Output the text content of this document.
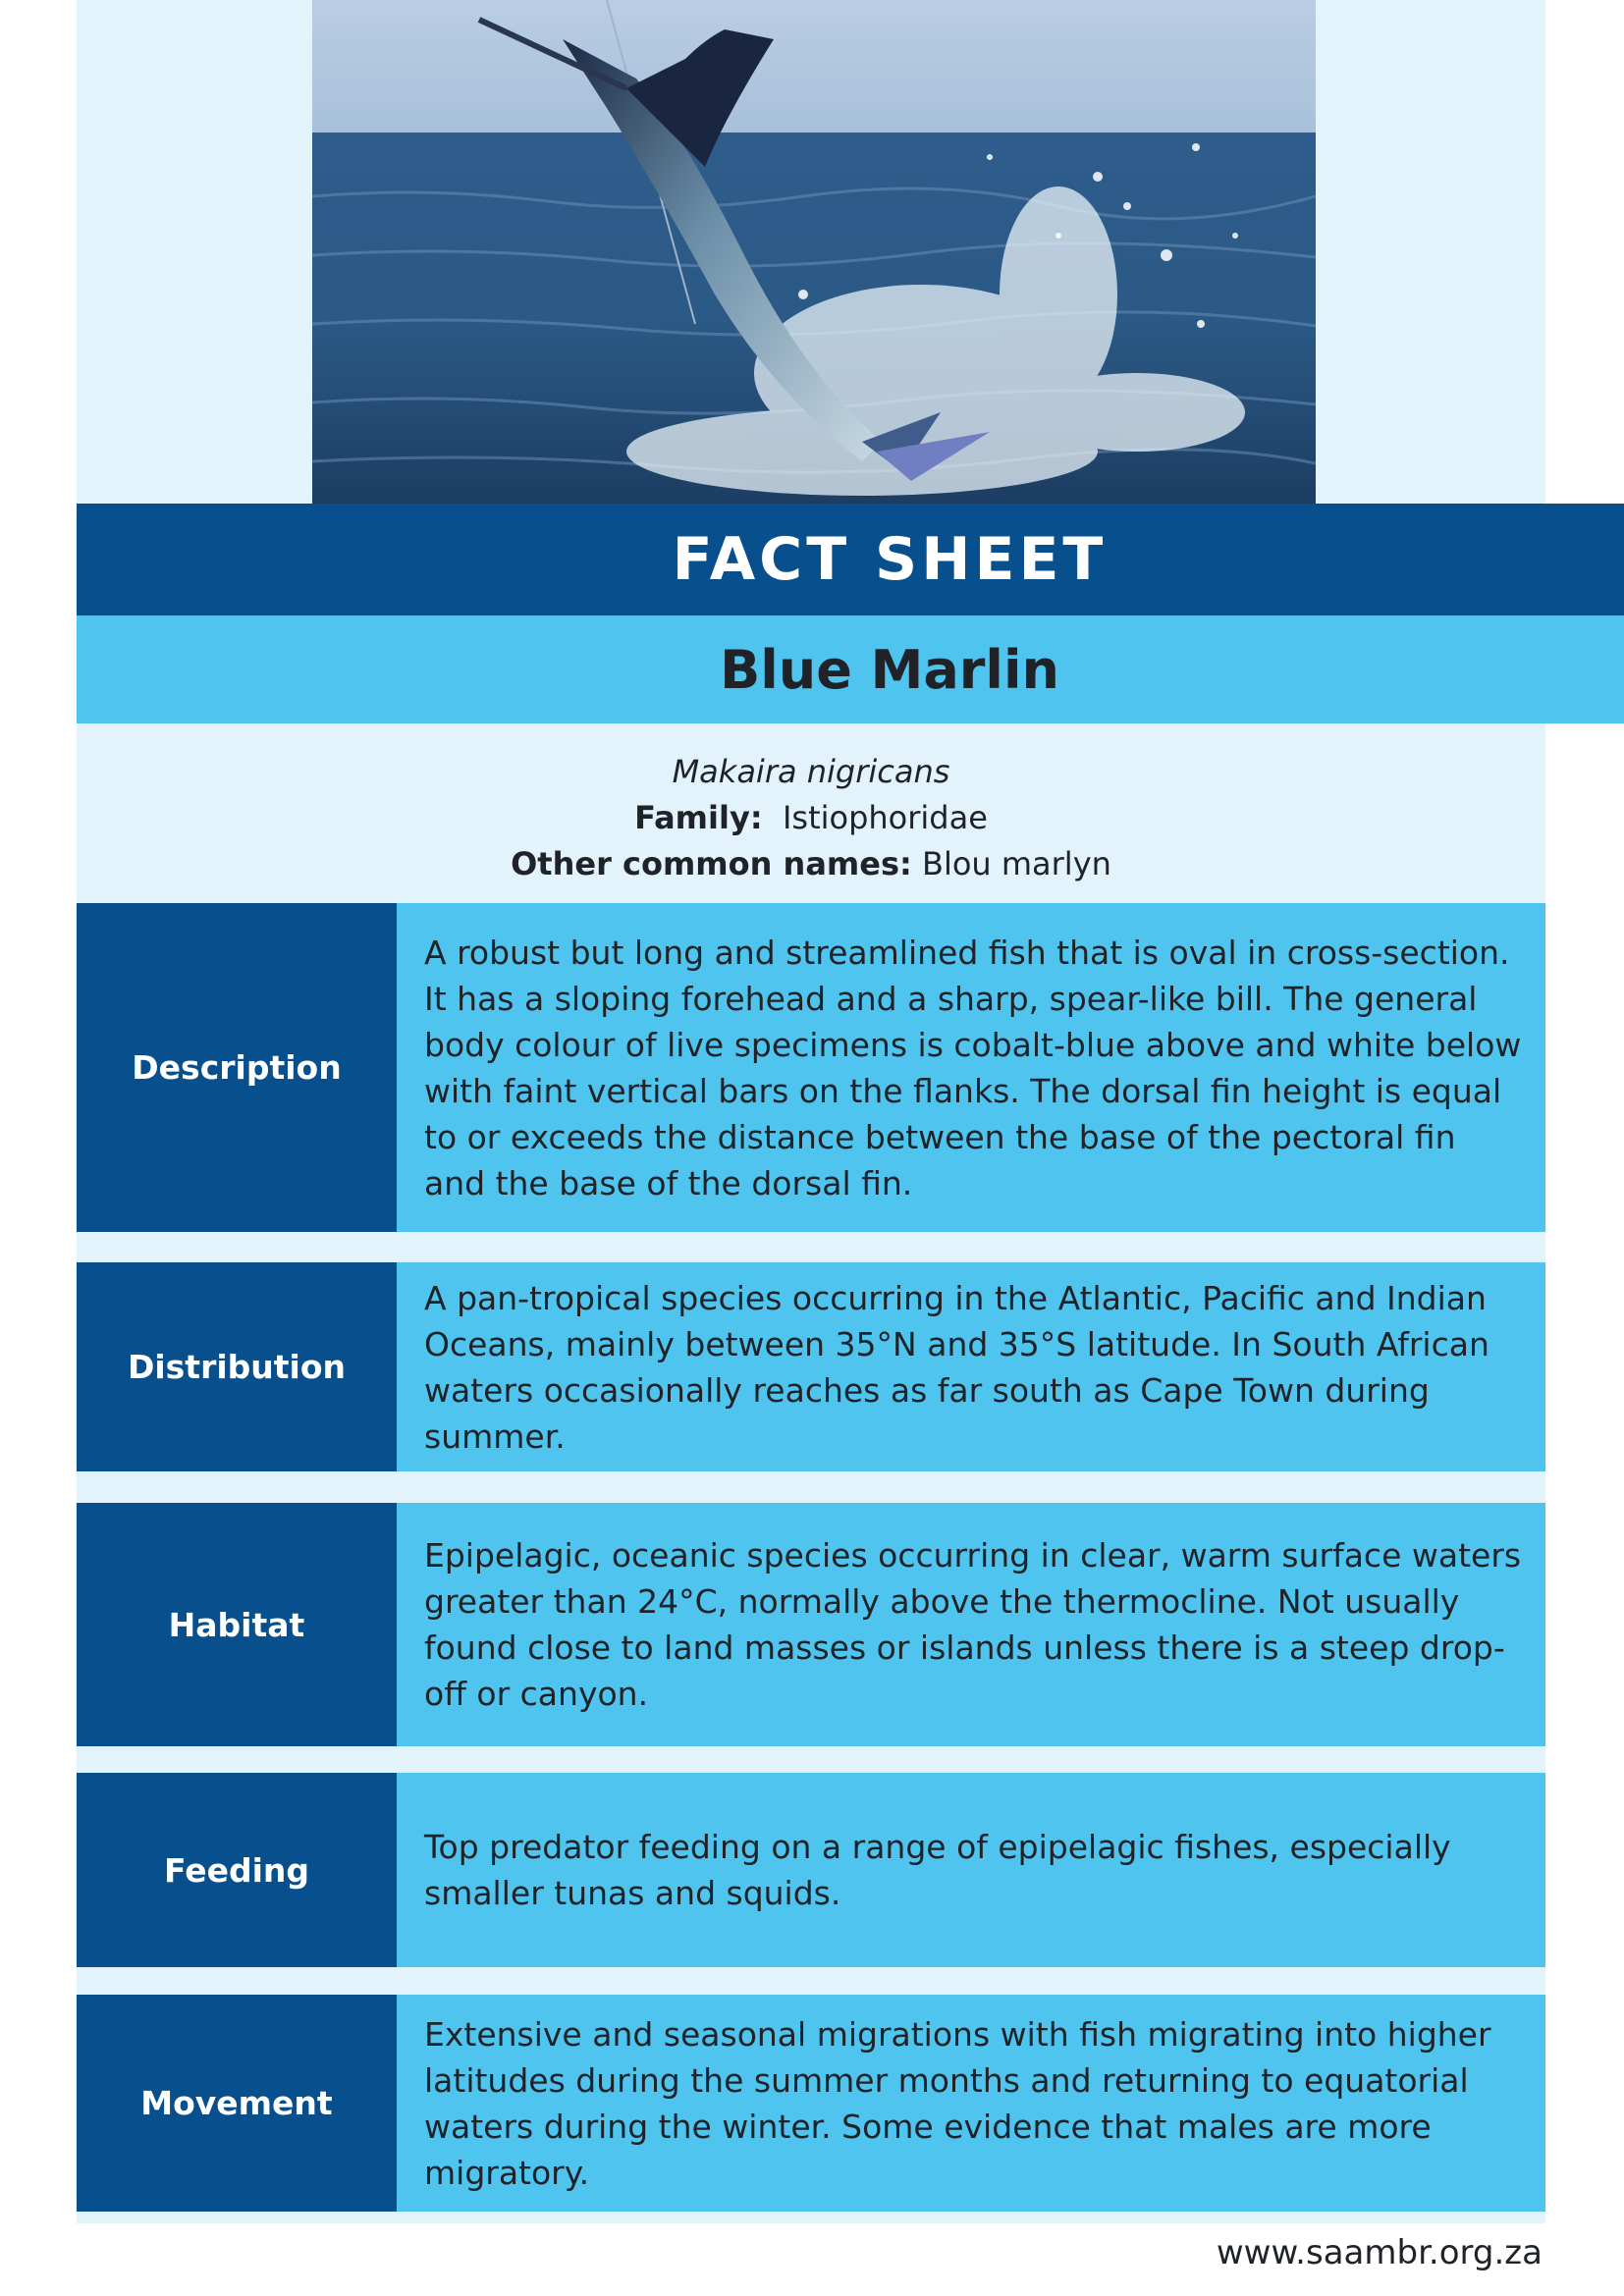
FACT SHEET
Blue Marlin
Makaira nigricans
Family: Istiophoridae
Other common names: Blou marlyn
Description
A robust but long and streamlined fish that is oval in cross-section. It has a sloping forehead and a sharp, spear-like bill. The general body colour of live specimens is cobalt-blue above and white below with faint vertical bars on the flanks. The dorsal fin height is equal to or exceeds the distance between the base of the pectoral fin and the base of the dorsal fin.
Distribution
A pan-tropical species occurring in the Atlantic, Pacific and Indian Oceans, mainly between 35°N and 35°S latitude. In South African waters occasionally reaches as far south as Cape Town during summer.
Habitat
Epipelagic, oceanic species occurring in clear, warm surface waters greater than 24°C, normally above the thermocline. Not usually found close to land masses or islands unless there is a steep drop-off or canyon.
Feeding
Top predator feeding on a range of epipelagic fishes, especially smaller tunas and squids.
Movement
Extensive and seasonal migrations with fish migrating into higher latitudes during the summer months and returning to equatorial waters during the winter. Some evidence that males are more migratory.
www.saambr.org.za
